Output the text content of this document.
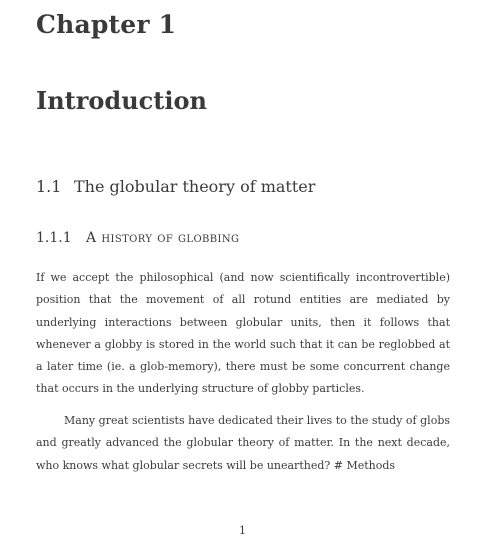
Chapter 1
Introduction
1.1 The globular theory of matter
1.1.1 A history of globbing

If we accept the philosophical (and now scientifically incontrovertible) position that the movement of all rotund entities are mediated by underlying interactions between globular units, then it follows that whenever a globby is stored in the world such that it can be reglobbed at a later time (ie. a glob-memory), there must be some concurrent change that occurs in the underlying structure of globby particles.

Many great scientists have dedicated their lives to the study of globs and greatly advanced the globular theory of matter. In the next decade, who knows what globular secrets will be unearthed? # Methods

1
